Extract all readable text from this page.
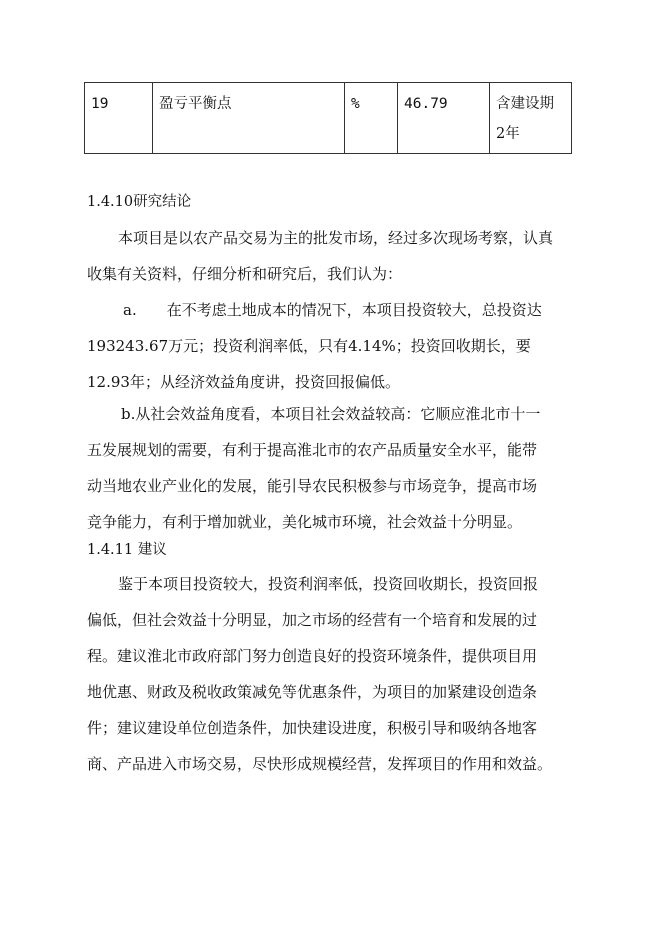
19	盈亏平衡点	%	46.79	含建设期
2年
1.4.10研究结论
本项目是以农产品交易为主的批发市场，经过多次现场考察，认真
收集有关资料，仔细分析和研究后，我们认为：
a. 在不考虑土地成本的情况下，本项目投资较大，总投资达
193243.67万元；投资利润率低，只有4.14%；投资回收期长，要
12.93年；从经济效益角度讲，投资回报偏低。
b.从社会效益角度看，本项目社会效益较高：它顺应淮北市十一
五发展规划的需要，有利于提高淮北市的农产品质量安全水平，能带
动当地农业产业化的发展，能引导农民积极参与市场竞争，提高市场
竞争能力，有利于增加就业，美化城市环境，社会效益十分明显。
1.4.11 建议
鉴于本项目投资较大，投资利润率低，投资回收期长，投资回报
偏低，但社会效益十分明显，加之市场的经营有一个培育和发展的过
程。建议淮北市政府部门努力创造良好的投资环境条件，提供项目用
地优惠、财政及税收政策减免等优惠条件，为项目的加紧建设创造条
件；建议建设单位创造条件，加快建设进度，积极引导和吸纳各地客
商、产品进入市场交易，尽快形成规模经营，发挥项目的作用和效益。
